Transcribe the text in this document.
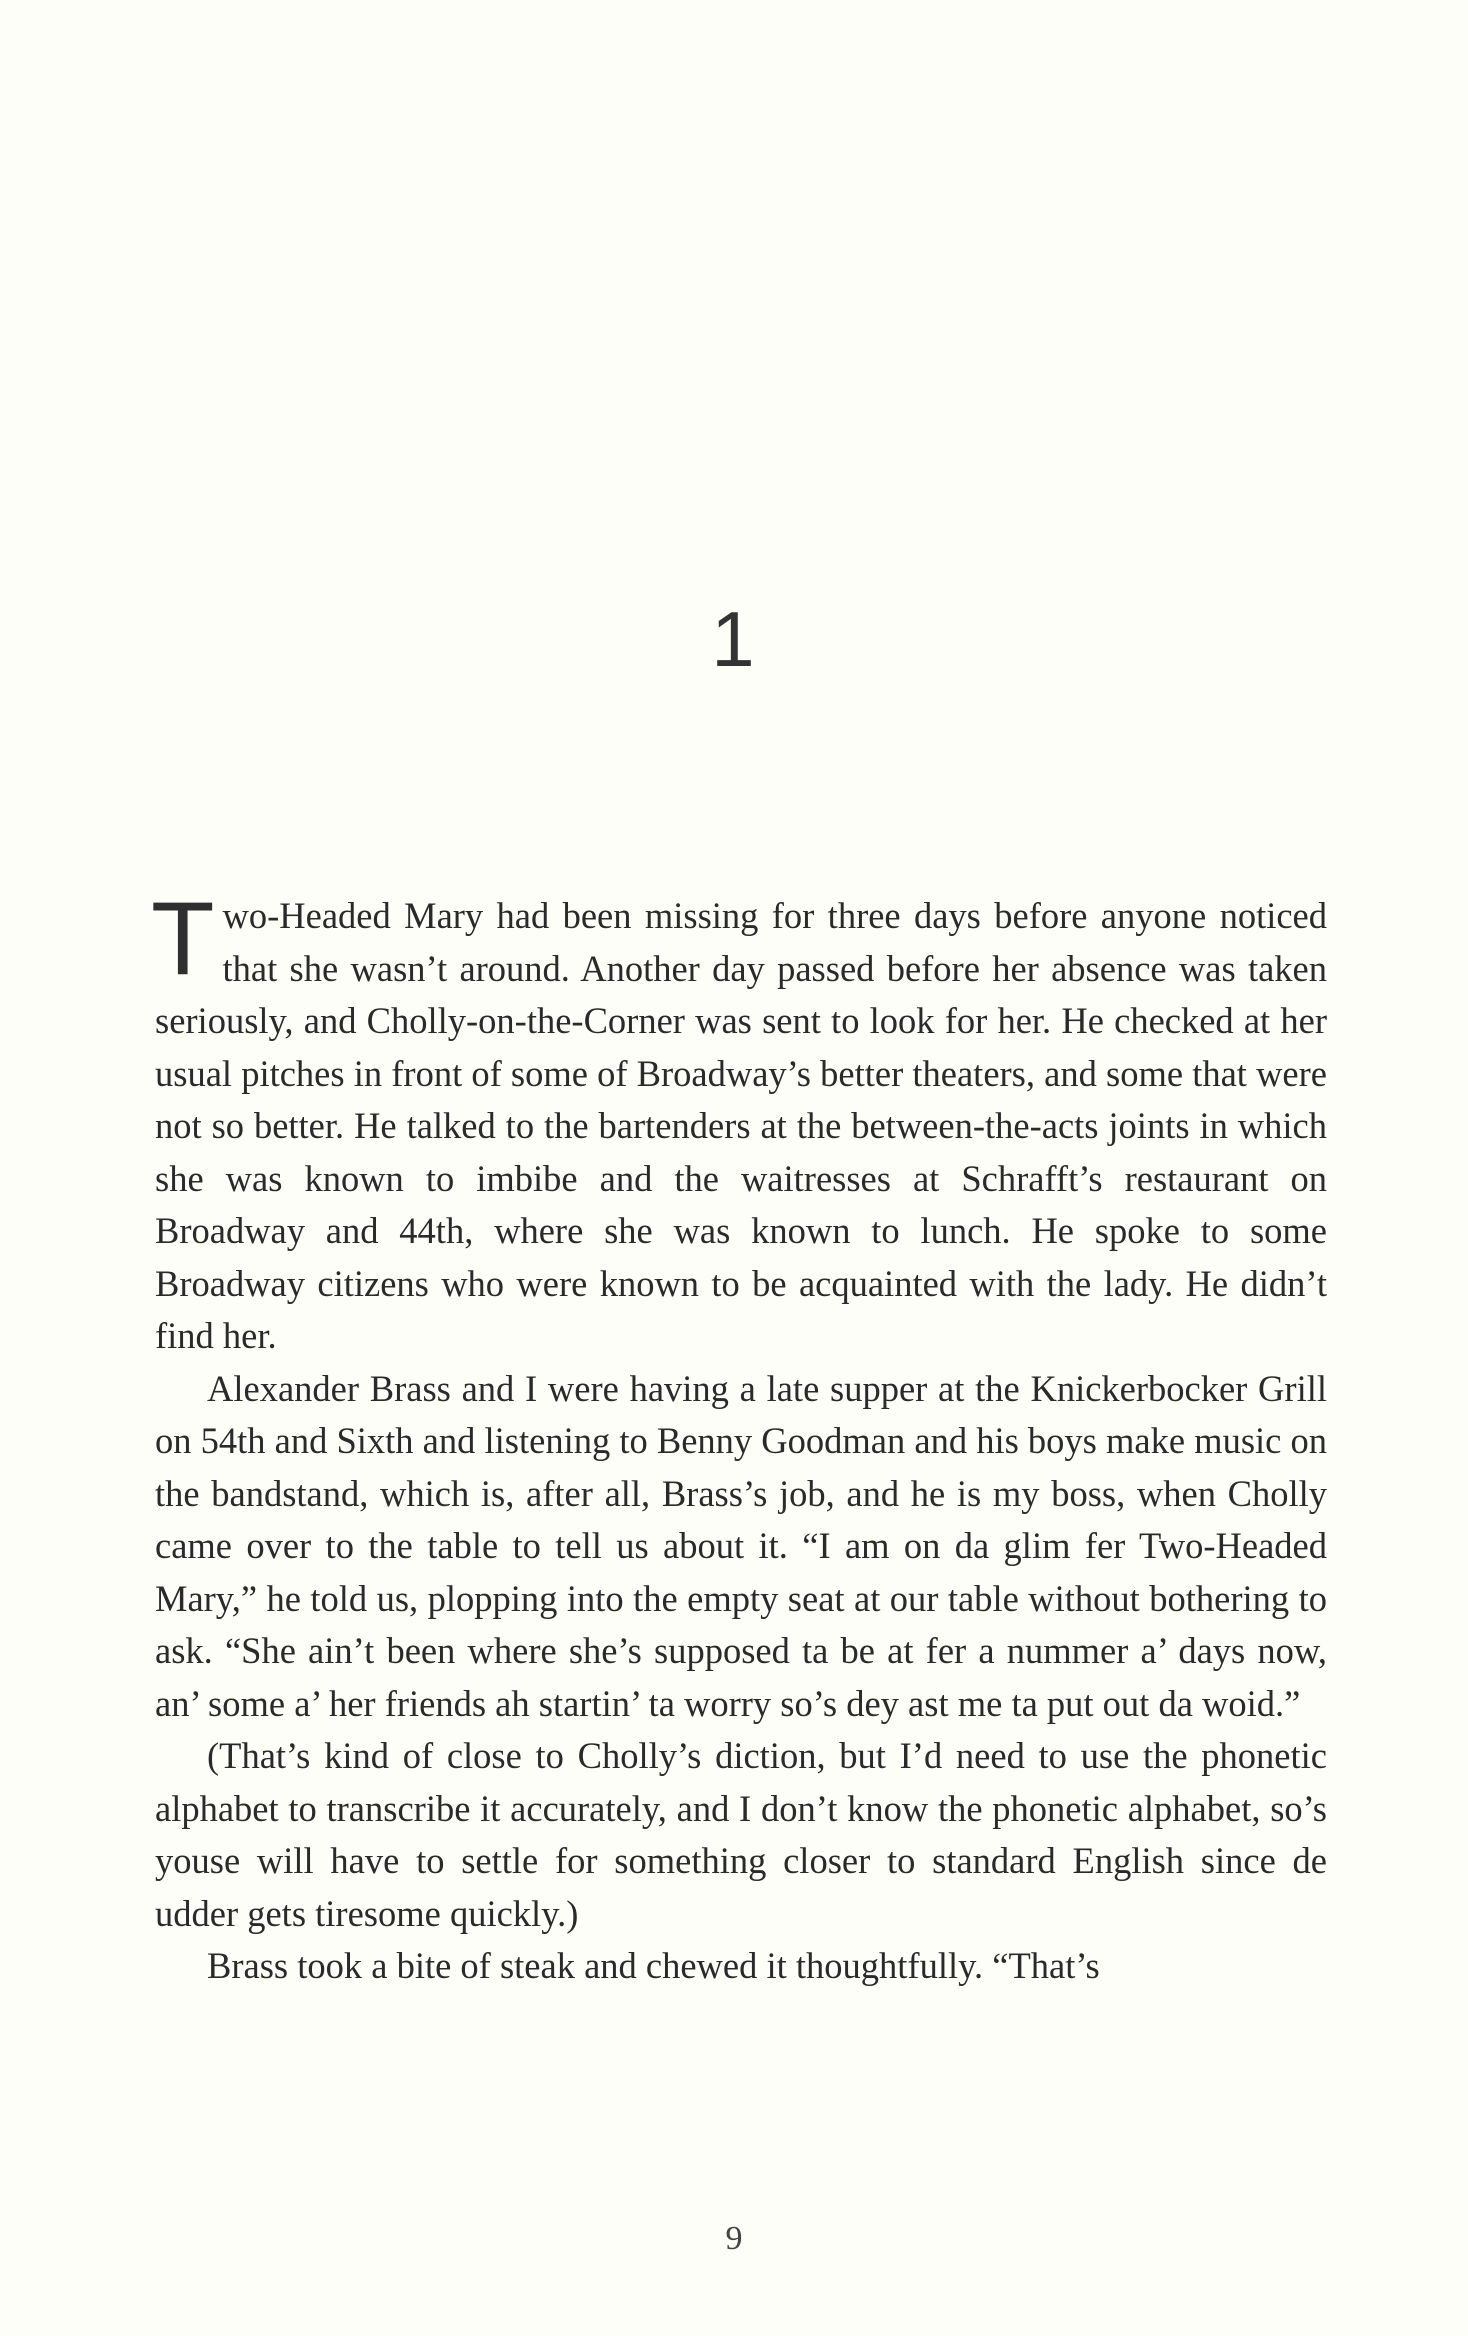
1

Two-Headed Mary had been missing for three days before anyone noticed that she wasn’t around. Another day passed before her absence was taken seriously, and Cholly-on-the-Corner was sent to look for her. He checked at her usual pitches in front of some of Broadway’s better theaters, and some that were not so better. He talked to the bartenders at the between-the-acts joints in which she was known to imbibe and the waitresses at Schrafft’s restaurant on Broadway and 44th, where she was known to lunch. He spoke to some Broadway citizens who were known to be acquainted with the lady. He didn’t find her.

Alexander Brass and I were having a late supper at the Knickerbocker Grill on 54th and Sixth and listening to Benny Goodman and his boys make music on the bandstand, which is, after all, Brass’s job, and he is my boss, when Cholly came over to the table to tell us about it. “I am on da glim fer Two-Headed Mary,” he told us, plopping into the empty seat at our table without bothering to ask. “She ain’t been where she’s supposed ta be at fer a nummer a’ days now, an’ some a’ her friends ah startin’ ta worry so’s dey ast me ta put out da woid.”

(That’s kind of close to Cholly’s diction, but I’d need to use the phonetic alphabet to transcribe it accurately, and I don’t know the phonetic alphabet, so’s youse will have to settle for something closer to standard English since de udder gets tiresome quickly.)

Brass took a bite of steak and chewed it thoughtfully. “That’s

9
